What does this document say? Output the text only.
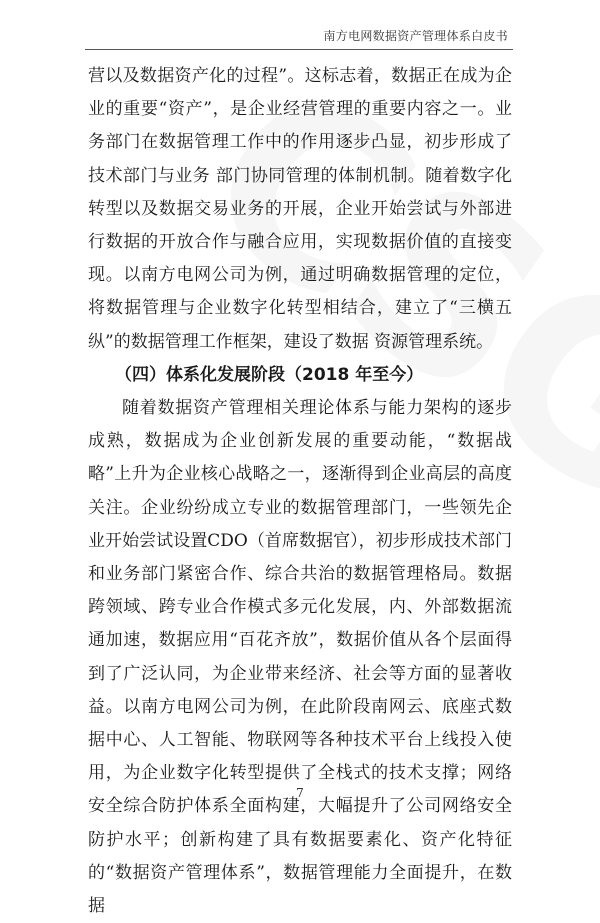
南方电网数据资产管理体系白皮书

营以及数据资产化的过程”。这标志着，数据正在成为企业的重要“资产”，是企业经营管理的重要内容之一。业务部门在数据管理工作中的作用逐步凸显，初步形成了技术部门与业务 部门协同管理的体制机制。随着数字化转型以及数据交易业务的开展，企业开始尝试与外部进行数据的开放合作与融合应用，实现数据价值的直接变现。以南方电网公司为例，通过明确数据管理的定位，将数据管理与企业数字化转型相结合，建立了“三横五纵”的数据管理工作框架，建设了数据 资源管理系统。

（四）体系化发展阶段（2018 年至今）

随着数据资产管理相关理论体系与能力架构的逐步成熟，数据成为企业创新发展的重要动能，“数据战略”上升为企业核心战略之一，逐渐得到企业高层的高度关注。企业纷纷成立专业的数据管理部门，一些领先企业开始尝试设置CDO（首席数据官），初步形成技术部门和业务部门紧密合作、综合共治的数据管理格局。数据跨领域、跨专业合作模式多元化发展，内、外部数据流通加速，数据应用“百花齐放”，数据价值从各个层面得到了广泛认同，为企业带来经济、社会等方面的显著收益。以南方电网公司为例，在此阶段南网云、底座式数据中心、人工智能、物联网等各种技术平台上线投入使用，为企业数字化转型提供了全栈式的技术支撑；网络安全综合防护体系全面构建，大幅提升了公司网络安全防护水平；创新构建了具有数据要素化、资产化特征的“数据资产管理体系”，数据管理能力全面提升，在数据

7
